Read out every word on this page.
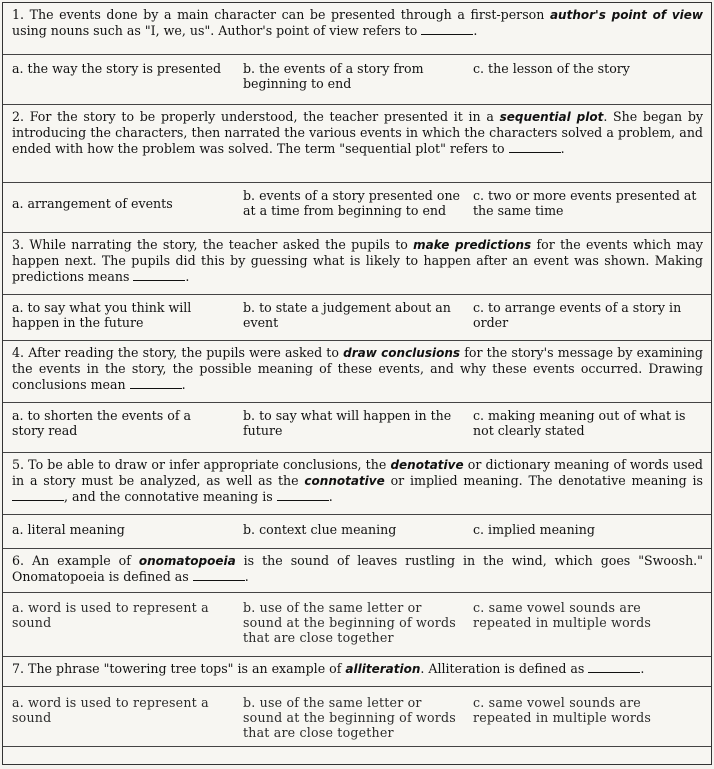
1. The events done by a main character can be presented through a first-person author's point of view using nouns such as "I, we, us". Author's point of view refers to	.
a. the way the story is presented	b. the events of a story from beginning to end
c. the lesson of the story
2. For the story to be properly understood, the teacher presented it in a sequential plot. She began by introducing the characters, then narrated the various events in which the characters solved a problem, and ended with how the problem was solved. The term "sequential plot" refers to	.
a. arrangement of events
b. events of a story presented one at a time from beginning to end
c. two or more events presented at the same time
3. While narrating the story, the teacher asked the pupils to make predictions for the events which may happen next. The pupils did this by guessing what is likely to happen after an event was shown. Making predictions means	.
a. to say what you think will happen in the future
b. to state a judgement about an event
c. to arrange events of a story in order
4. After reading the story, the pupils were asked to draw conclusions for the story's message by examining the events in the story, the possible meaning of these events, and why these events occurred. Drawing conclusions mean	.
a. to shorten the events of a story read
b. to say what will happen in the future
c. making meaning out of what is not clearly stated
5. To be able to draw or infer appropriate conclusions, the denotative or dictionary meaning of words used in a story must be analyzed, as well as the connotative or implied meaning. The denotative meaning is , and the connotative meaning is	.
a. literal meaning	b. context clue meaning	c. implied meaning
6. An example of onomatopoeia is the sound of leaves rustling in the wind, which goes "Swoosh." Onomatopoeia is defined as	.
a. word is used to represent a sound
b. use of the same letter or sound at the beginning of words that are close together
c. same vowel sounds are repeated in multiple words
7. The phrase "towering tree tops" is an example of alliteration. Alliteration is defined as	.
a. word is used to represent a sound
b. use of the same letter or sound at the beginning of words that are close together
c. same vowel sounds are repeated in multiple words
